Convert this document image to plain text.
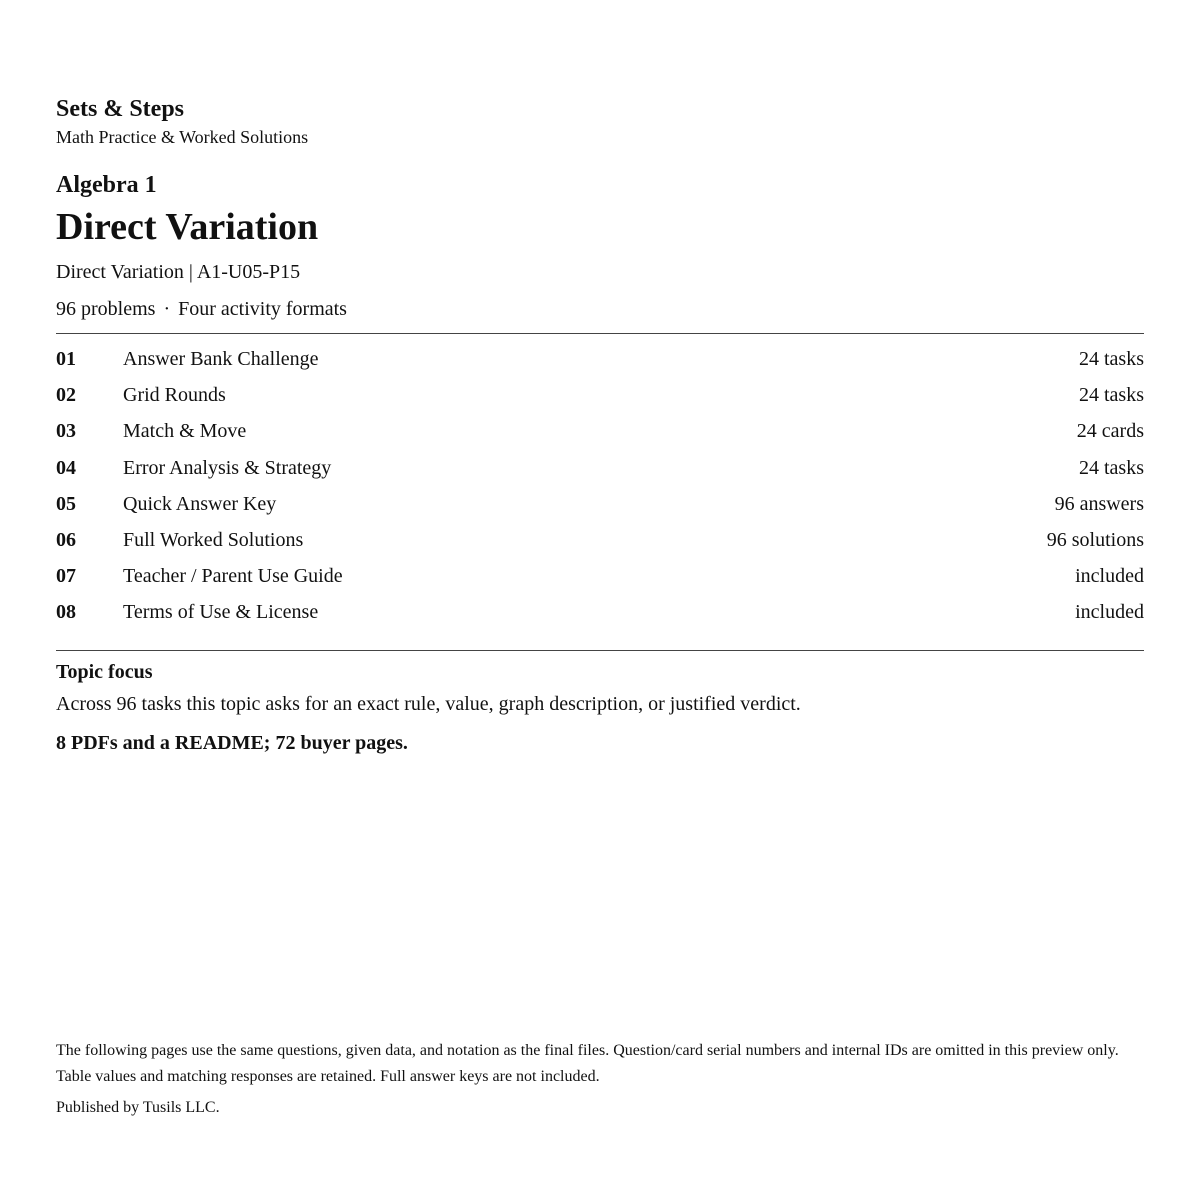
Sets & Steps
Math Practice & Worked Solutions
Algebra 1
Direct Variation
Direct Variation | A1-U05-P15
96 problems · Four activity formats
01 Answer Bank Challenge	24 tasks
02 Grid Rounds	24 tasks
03 Match & Move	24 cards
04 Error Analysis & Strategy	24 tasks
05 Quick Answer Key	96 answers
06 Full Worked Solutions	96 solutions
07 Teacher / Parent Use Guide	included
08 Terms of Use & License	included
Topic focus
Across 96 tasks this topic asks for an exact rule, value, graph description, or justified verdict.
8 PDFs and a README; 72 buyer pages.
The following pages use the same questions, given data, and notation as the final files. Question/card serial numbers and internal IDs are omitted in this preview only. Table values and matching responses are retained. Full answer keys are not included.
Published by Tusils LLC.
